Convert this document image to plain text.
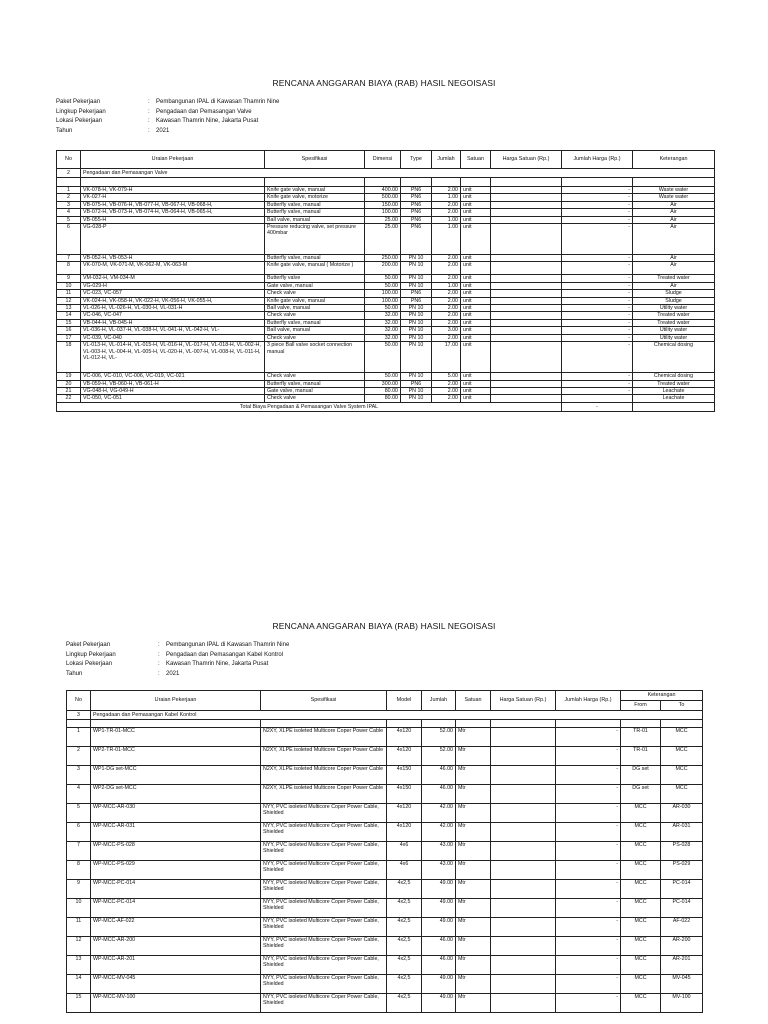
RENCANA ANGGARAN BIAYA (RAB) HASIL NEGOISASI
Paket Pekerjaan	: Pembangunan IPAL di Kawasan Thamrin Nine
Lingkup Pekerjaan	: Pengadaan dan Pemasangan Valve
Lokasi Pekerjaan	: Kawasan Thamrin Nine, Jakarta Pusat
Tahun	: 2021
No	Uraian Pekerjaan	Spesifikasi	Dimensi	Type	Jumlah	Satuan	Harga Satuan (Rp.)	Jumlah Harga (Rp.)	Keterangan
2	Pengadaan dan Pemasangan Valve								

1	VK-078-H, VK-079-H	Knife gate valve, manual	400.00	PN6	2.00	unit		-	Waste water
2	VK-027-H	Knife gate valve, motorize	500.00	PN6	1.00	unit		-	Waste water
3	VB-075-H, VB-076-H, VB-077-H, VB-067-H, VB-068-H,	Butterfly valve, manual	150.00	PN6	2.00	unit		-	Air
4	VB-072-H, VB-073-H, VB-074-H, VB-064-H, VB-065-H,	Butterfly valve, manual	100.00	PN6	2.00	unit		-	Air
5	VB-055-H	Ball valve, manual	25.00	PN6	1.00	unit		-	Air
6	VG-028-P	Pressure reducing valve, set pressure 400mbar	25.00	PN6	1.00	unit		-	Air
7	VB-052-H, VB-053-H	Butterfly valve, manual	250.00	PN 10	2.00	unit		-	Air
8	VK-070-M, VK-071-M, VK-062-M, VK-063-M	Knife gate valve, manual ( Motorize )	200.00	PN 10	2.00	unit		-	Air
9	VM-032-H, VM-034-M	Butterfly valve	50.00	PN 10	2.00	unit		-	Treated water
10	VG-029-H	Gate valve, manual	50.00	PN 10	1.00	unit		-	Air
11	VC-023, VC-057	Check valve	100.00	PN6	2.00	unit		-	Sludge
12	VK-024-H, VK-058-H, VK-022-H, VK-056-H, VK-055-H,	Knife gate valve, manual	100.00	PN6	2.00	unit		-	Sludge
13	VL-026-H, VL-026-H, VL-030-H, VL-031-H	Ball valve, manual	50.00	PN 10	2.00	unit		-	Utility water
14	VC-046, VC-047	Check valve	32.00	PN 10	2.00	unit		-	Treated water
15	VB-044-H, VB-045-H	Butterfly valve, manual	32.00	PN 10	2.00	unit		-	Treated water
16	VL-036-H, VL-037-H, VL-038-H, VL-041-H, VL-042-H, VL-	Ball valve, manual	32.00	PN 10	3.00	unit		-	Utility water
17	VC-039, VC-040	Check valve	32.00	PN 10	2.00	unit		-	Utility water
18	VL-013-H, VL-014-H, VL-015-H, VL-016-H, VL-017-H, VL-018-H, VL-002-H, VL-003-H, VL-004-H, VL-005-H, VL-020-H, VL-007-H, VL-008-H, VL-011-H, VL-012-H, VL-	3 piece Ball valve socket connection manual	50.00	PN 10	17.00	unit		-	Chemical dosing
19	VC-006, VC-010, VC-006, VC-019, VC-021	Check valve	50.00	PN 10	5.00	unit		-	Chemical dosing
20	VB-059-H, VB-060-H, VB-061-H	Butterfly valve, manual	300.00	PN6	2.00	unit		-	Treated water
21	VG-048-H, VG-049-H	Gate valve, manual	80.00	PN 10	2.00	unit		-	Leachate
22	VC-050, VC-051	Check valve	80.00	PN 10	2.00	unit			Leachate
Total Biaya Pengadaan & Pemasangan Valve System IPAL								-	
RENCANA ANGGARAN BIAYA (RAB) HASIL NEGOISASI
Paket Pekerjaan	: Pembangunan IPAL di Kawasan Thamrin Nine
Lingkup Pekerjaan	: Pengadaan dan Pemasangan Kabel Kontrol
Lokasi Pekerjaan	: Kawasan Thamrin Nine, Jakarta Pusat
Tahun	: 2021
No	Uraian Pekerjaan	Spesifikasi	Model	Jumlah	Satuan	Harga Satuan (Rp.)	Jumlah Harga (Rp.)	Keterangan	
								From	To
3	Pengadaan dan Pemasangan Kabel Kontrol								

1	WP1-TR-01-MCC	N2XY, XLPE isoleted Multicore Coper Power Cable	4x120	52.00	Mtr		-	TR-01	MCC
2	WP2-TR-01-MCC	N2XY, XLPE isoleted Multicore Coper Power Cable	4x120	52.00	Mtr		-	TR-01	MCC
3	WP1-DG set-MCC	N2XY, XLPE isoleted Multicore Coper Power Cable	4x150	46.00	Mtr		-	DG set	MCC
4	WP2-DG set-MCC	N2XY, XLPE isoleted Multicore Coper Power Cable	4x150	46.00	Mtr		-	DG set	MCC
5	WP-MCC-AR-030	NYY, PVC isoleted Multicore Coper Power Cable, Shielded	4x120	42.00	Mtr		-	MCC	AR-030
6	WP-MCC-AR-031	NYY, PVC isoleted Multicore Coper Power Cable, Shielded	4x120	42.00	Mtr		-	MCC	AR-031
7	WP-MCC-PS-028	NYY, PVC isoleted Multicore Coper Power Cable, Shielded	4x6	43.00	Mtr		-	MCC	PS-028
8	WP-MCC-PS-029	NYY, PVC isoleted Multicore Coper Power Cable, Shielded	4x6	43.00	Mtr		-	MCC	PS-029
9	WP-MCC-PC-014	NYY, PVC isoleted Multicore Coper Power Cable, Shielded	4x2,5	49.00	Mtr		-	MCC	PC-014
10	WP-MCC-PC-014	NYY, PVC isoleted Multicore Coper Power Cable, Shielded	4x2,5	49.00	Mtr		-	MCC	PC-014
11	WP-MCC-AF-022	NYY, PVC isoleted Multicore Coper Power Cable, Shielded	4x2,5	49.00	Mtr		-	MCC	AF-022
12	WP-MCC-AR-200	NYY, PVC isoleted Multicore Coper Power Cable, Shielded	4x2,5	46.00	Mtr		-	MCC	AR-200
13	WP-MCC-AR-201	NYY, PVC isoleted Multicore Coper Power Cable, Shielded	4x2,5	46.00	Mtr		-	MCC	AR-201
14	WP-MCC-MV-045	NYY, PVC isoleted Multicore Coper Power Cable, Shielded	4x2,5	49.00	Mtr		-	MCC	MV-045
15	WP-MCC-MV-100	NYY, PVC isoleted Multicore Coper Power Cable, Shielded	4x2,5	49.00	Mtr		-	MCC	MV-100
